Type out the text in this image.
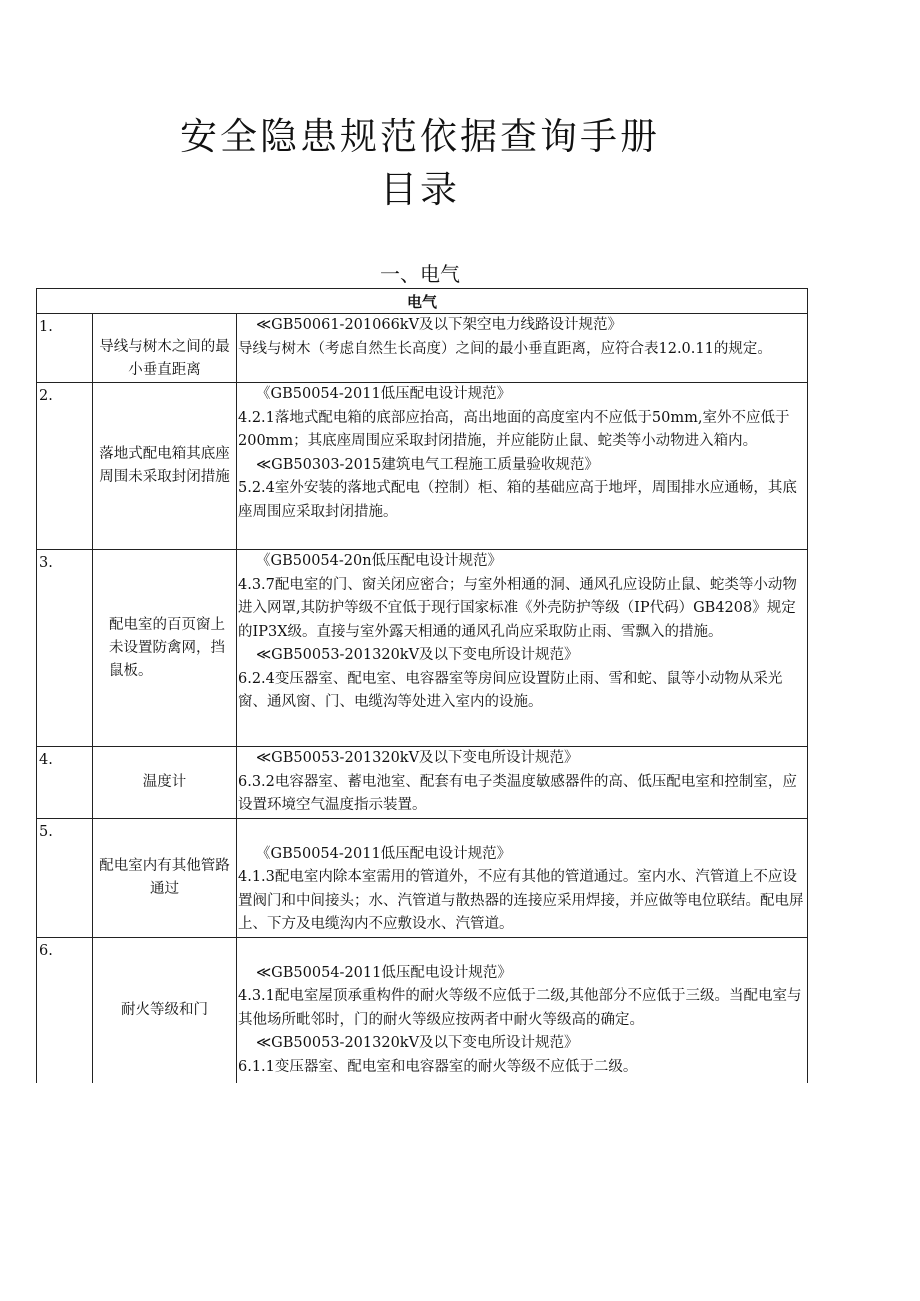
安全隐患规范依据查询手册
目录
一、电气
电气		
1.	导线与树木之间的最小垂直距离	≪GB50061-201066kV及以下架空电力线路设计规范》

导线与树木（考虑自然生长高度）之间的最小垂直距离，应符合表12.0.11的规定。

2.	落地式配电箱其底座周围未采取封闭措施	《GB50054-2011低压配电设计规范》

4.2.1落地式配电箱的底部应抬高，高出地面的高度室内不应低于50mm,室外不应低于200mm；其底座周围应采取封闭措施，并应能防止鼠、蛇类等小动物进入箱内。

≪GB50303-2015建筑电气工程施工质量验收规范》

5.2.4室外安装的落地式配电（控制）柜、箱的基础应高于地坪，周围排水应通畅，其底座周围应采取封闭措施。

3.	配电室的百页窗上未设置防禽网，挡鼠板。	《GB50054-20n低压配电设计规范》

4.3.7配电室的门、窗关闭应密合；与室外相通的洞、通风孔应设防止鼠、蛇类等小动物进入网罩,其防护等级不宜低于现行国家标准《外壳防护等级（IP代码）GB4208》规定的IP3X级。直接与室外露天相通的通风孔尚应采取防止雨、雪飘入的措施。

≪GB50053-201320kV及以下变电所设计规范》

6.2.4变压器室、配电室、电容器室等房间应设置防止雨、雪和蛇、鼠等小动物从采光窗、通风窗、门、电缆沟等处进入室内的设施。

4.	温度计	≪GB50053-201320kV及以下变电所设计规范》

6.3.2电容器室、蓄电池室、配套有电子类温度敏感器件的高、低压配电室和控制室，应设置环境空气温度指示装置。

5.	配电室内有其他管路通过	《GB50054-2011低压配电设计规范》

4.1.3配电室内除本室需用的管道外，不应有其他的管道通过。室内水、汽管道上不应设置阀门和中间接头；水、汽管道与散热器的连接应采用焊接，并应做等电位联结。配电屏上、下方及电缆沟内不应敷设水、汽管道。

6.	耐火等级和门	≪GB50054-2011低压配电设计规范》

4.3.1配电室屋顶承重构件的耐火等级不应低于二级,其他部分不应低于三级。当配电室与其他场所毗邻时，门的耐火等级应按两者中耐火等级高的确定。

≪GB50053-201320kV及以下变电所设计规范》

6.1.1变压器室、配电室和电容器室的耐火等级不应低于二级。
